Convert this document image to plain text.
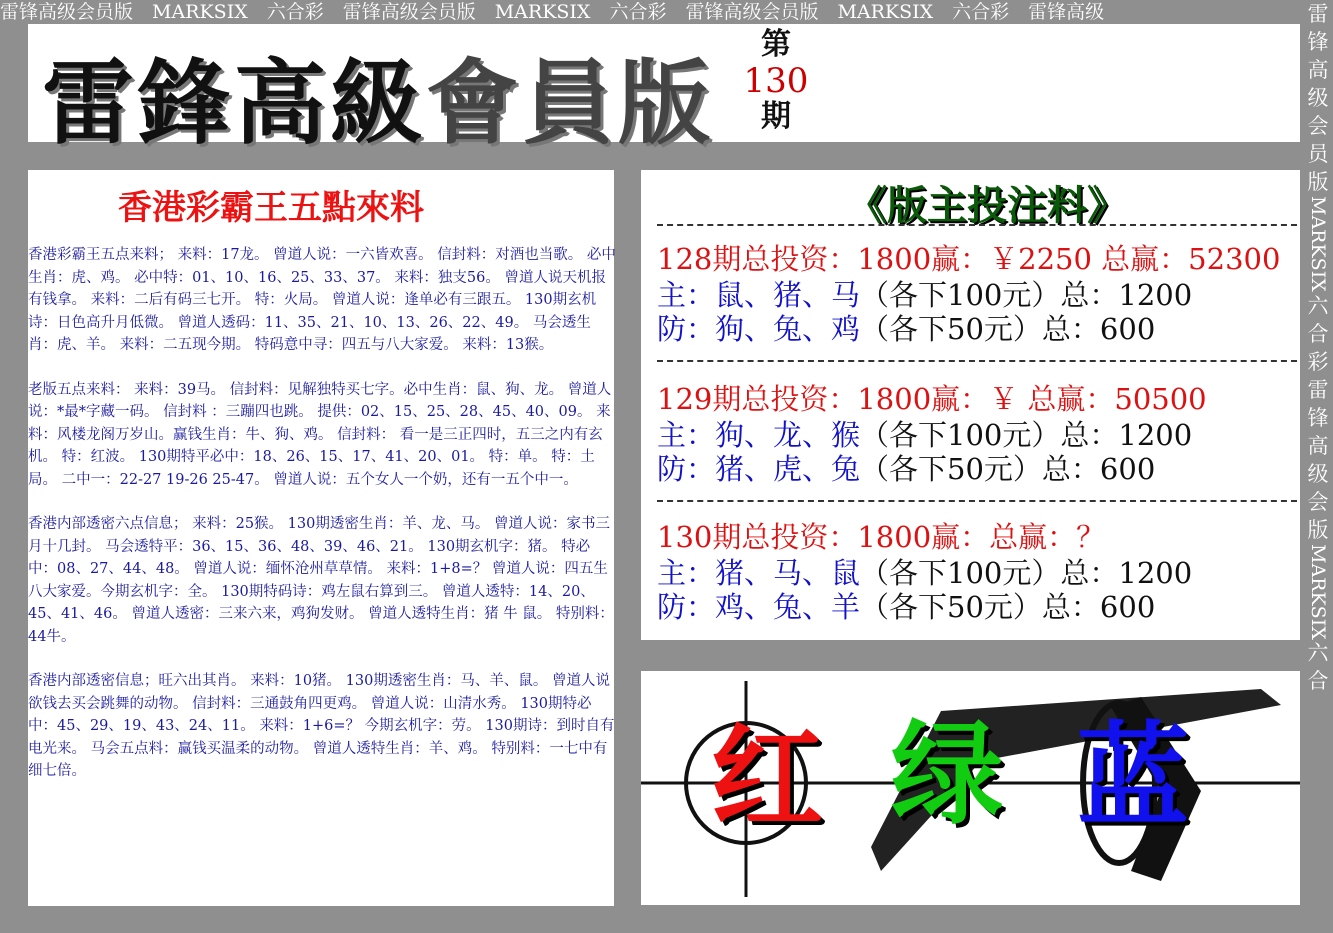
雷锋高级会员版　MARKSIX　六合彩　雷锋高级会员版　MARKSIX　六合彩　雷锋高级会员版　MARKSIX　六合彩　雷锋高级	雷
锋
高
级
会
员
版
MARKSIX
六
合
彩
雷
锋
高
级
会
版
MARKSIX
六
合
雷鋒高級會員版
第
130
期
香港彩霸王五點來料

香港彩霸王五点来料； 来料：17龙。 曾道人说：一六皆欢喜。 信封料：对酒也当歌。 必中生肖：虎、鸡。 必中特：01、10、16、25、33、37。 来料：独支56。 曾道人说天机报有钱拿。 来料：二后有码三七开。 特：火局。 曾道人说：逢单必有三跟五。 130期玄机诗：日色高升月低微。 曾道人透码：11、35、21、10、13、26、22、49。 马会透生肖：虎、羊。 来料：二五现今期。 特码意中寻：四五与八大家爱。 来料：13猴。

老版五点来料： 来料：39马。 信封料：见解独特买七字。必中生肖：鼠、狗、龙。 曾道人说：*最*字藏一码。 信封料 ：三蹦四也跳。 提供：02、15、25、28、45、40、09。 来料：风楼龙阁万岁山。赢钱生肖：牛、狗、鸡。 信封料： 看一是三正四时，五三之内有玄机。 特：红波。 130期特平必中：18、26、15、17、41、20、01。 特：单。 特：土局。 二中一：22-27 19-26 25-47。 曾道人说：五个女人一个奶，还有一五个中一。

香港内部透密六点信息； 来料：25猴。 130期透密生肖：羊、龙、马。 曾道人说：家书三月十几封。 马会透特平：36、15、36、48、39、46、21。 130期玄机字：猪。 特必中：08、27、44、48。 曾道人说：缅怀沧州草草情。 来料：1+8=？ 曾道人说：四五生八大家爱。今期玄机字：全。 130期特码诗：鸡左鼠右算到三。 曾道人透特：14、20、45、41、46。 曾道人透密：三来六来，鸡狗发财。 曾道人透特生肖：猪 牛 鼠。 特别料：44牛。

香港内部透密信息；旺六出其肖。 来料：10猪。 130期透密生肖：马、羊、鼠。 曾道人说欲钱去买会跳舞的动物。 信封料：三通鼓角四更鸡。 曾道人说：山清水秀。 130期特必中：45、29、19、43、24、11。 来料：1+6=？ 今期玄机字：劳。 130期诗：到时自有电光来。 马会五点料：赢钱买温柔的动物。 曾道人透特生肖：羊、鸡。 特别料：一七中有细七倍。

《版主投注料》
128期总投资：1800赢：￥2250 总赢：52300
主：鼠、猪、马（各下100元）总：1200
防：狗、兔、鸡（各下50元）总：600
129期总投资：1800赢：￥ 总赢：50500
主：狗、龙、猴（各下100元）总：1200
防：猪、虎、兔（各下50元）总：600
130期总投资：1800赢：总赢：？
主：猪、马、鼠（各下100元）总：1200
防：鸡、兔、羊（各下50元）总：600
红 绿 蓝
